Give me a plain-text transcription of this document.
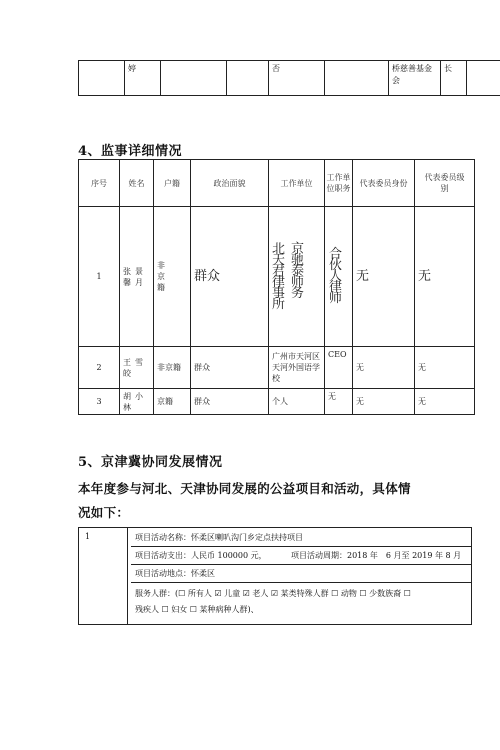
	婷			否		桥慈善基金会	长	
4、监事详细情况
序号	姓名	户籍	政治面貌	工作单位	工作单位职务	代表委员身份	代表委员级别
1	张景馨月	非京籍	群众	北京天驰君泰律师事务所	合伙人律师	无	无
2	王雪皎	非京籍	群众	广州市天河区天河外国语学校	CEO	无	无
3	胡小林	京籍	群众	个人	无	无	无
5、京津冀协同发展情况
本年度参与河北、天津协同发展的公益项目和活动，具体情
况如下：
1	项目活动名称：怀柔区喇叭沟门乡定点扶持项目
项目活动支出：人民币 100000 元，	项目活动周期：2018 年　6 月至 2019 年 8 月
项目活动地点：怀柔区
服务人群：(☐ 所有人 ☑ 儿童 ☑ 老人 ☑ 某类特殊人群 ☐ 动物 ☐ 少数族裔 ☐
残疾人 ☐ 妇女 ☐ 某种病种人群)、
